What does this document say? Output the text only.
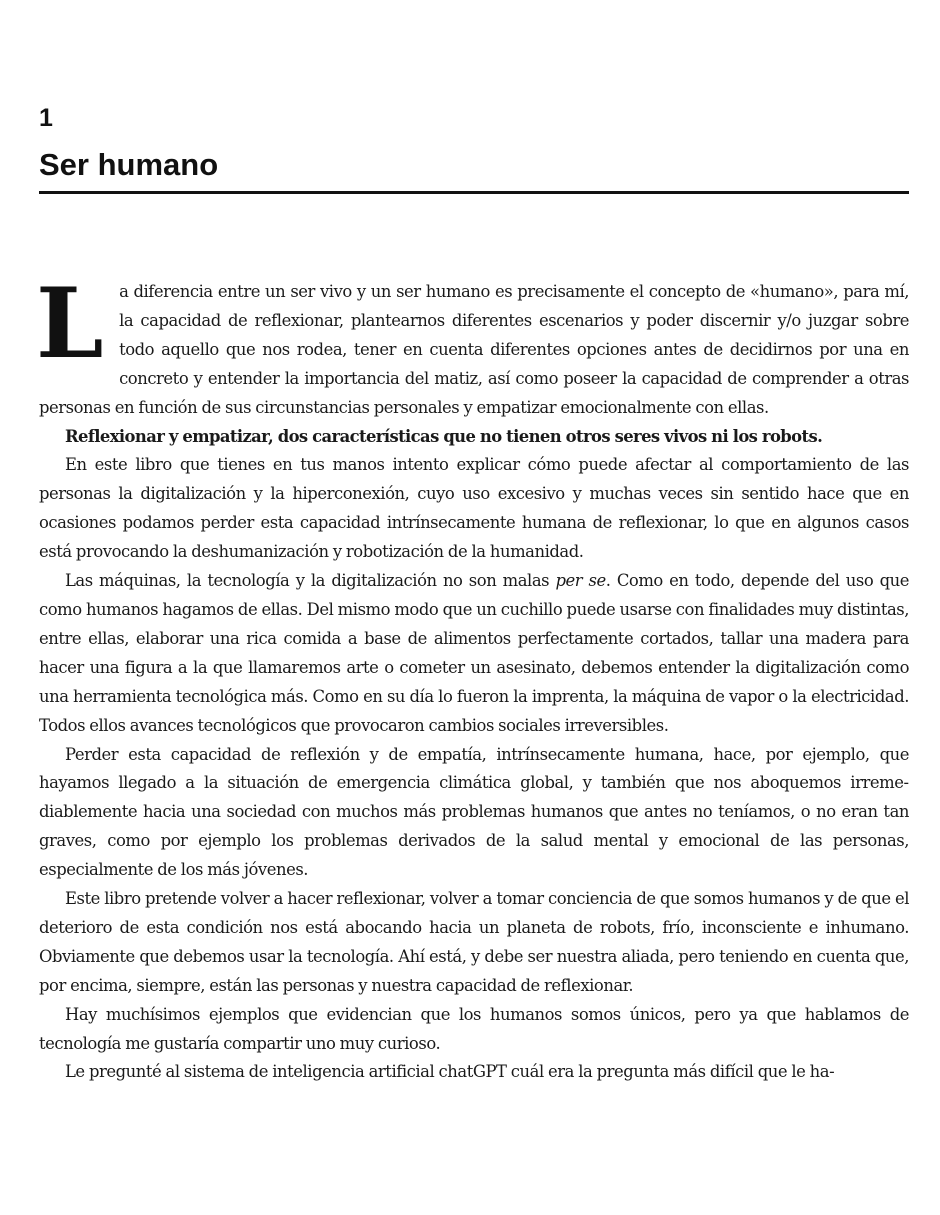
1
Ser humano

La diferencia entre un ser vivo y un ser humano es precisamente el concepto de «humano», para mí, la capacidad de reflexionar, plantearnos diferentes escenarios y poder discernir y/o juzgar sobre todo aquello que nos rodea, tener en cuenta diferentes opciones antes de decidirnos por una en concreto y entender la importancia del matiz, así como poseer la capacidad de comprender a otras personas en función de sus circunstancias personales y empatizar emocionalmente con ellas.

Reflexionar y empatizar, dos características que no tienen otros seres vivos ni los robots.

En este libro que tienes en tus manos intento explicar cómo puede afectar al comportamiento de las personas la digitalización y la hiperconexión, cuyo uso excesivo y muchas veces sin sentido hace que en ocasiones podamos perder esta capacidad intrínsecamente humana de reflexionar, lo que en algunos casos está provocando la deshumanización y robotización de la humanidad.

Las máquinas, la tecnología y la digitalización no son malas per se. Como en todo, depende del uso que como humanos hagamos de ellas. Del mismo modo que un cuchillo puede usarse con finalidades muy distintas, entre ellas, elaborar una rica comida a base de alimentos perfectamente cortados, tallar una madera para hacer una figura a la que llamaremos arte o cometer un asesinato, debemos entender la digitalización como una herramienta tecnológica más. Como en su día lo fueron la imprenta, la máquina de vapor o la electricidad. Todos ellos avances tecnológicos que provocaron cambios sociales irreversibles.

Perder esta capacidad de reflexión y de empatía, intrínsecamente humana, hace, por ejemplo, que hayamos llegado a la situación de emergencia climática global, y también que nos aboquemos irremediablemente hacia una sociedad con muchos más problemas humanos que antes no teníamos, o no eran tan graves, como por ejemplo los problemas derivados de la salud mental y emocional de las personas, especialmente de los más jóvenes.

Este libro pretende volver a hacer reflexionar, volver a tomar conciencia de que somos humanos y de que el deterioro de esta condición nos está abocando hacia un planeta de robots, frío, inconsciente e inhumano. Obviamente que debemos usar la tecnología. Ahí está, y debe ser nuestra aliada, pero teniendo en cuenta que, por encima, siempre, están las personas y nuestra capacidad de reflexionar.

Hay muchísimos ejemplos que evidencian que los humanos somos únicos, pero ya que hablamos de tecnología me gustaría compartir uno muy curioso.

Le pregunté al sistema de inteligencia artificial chatGPT cuál era la pregunta más difícil que le ha-
